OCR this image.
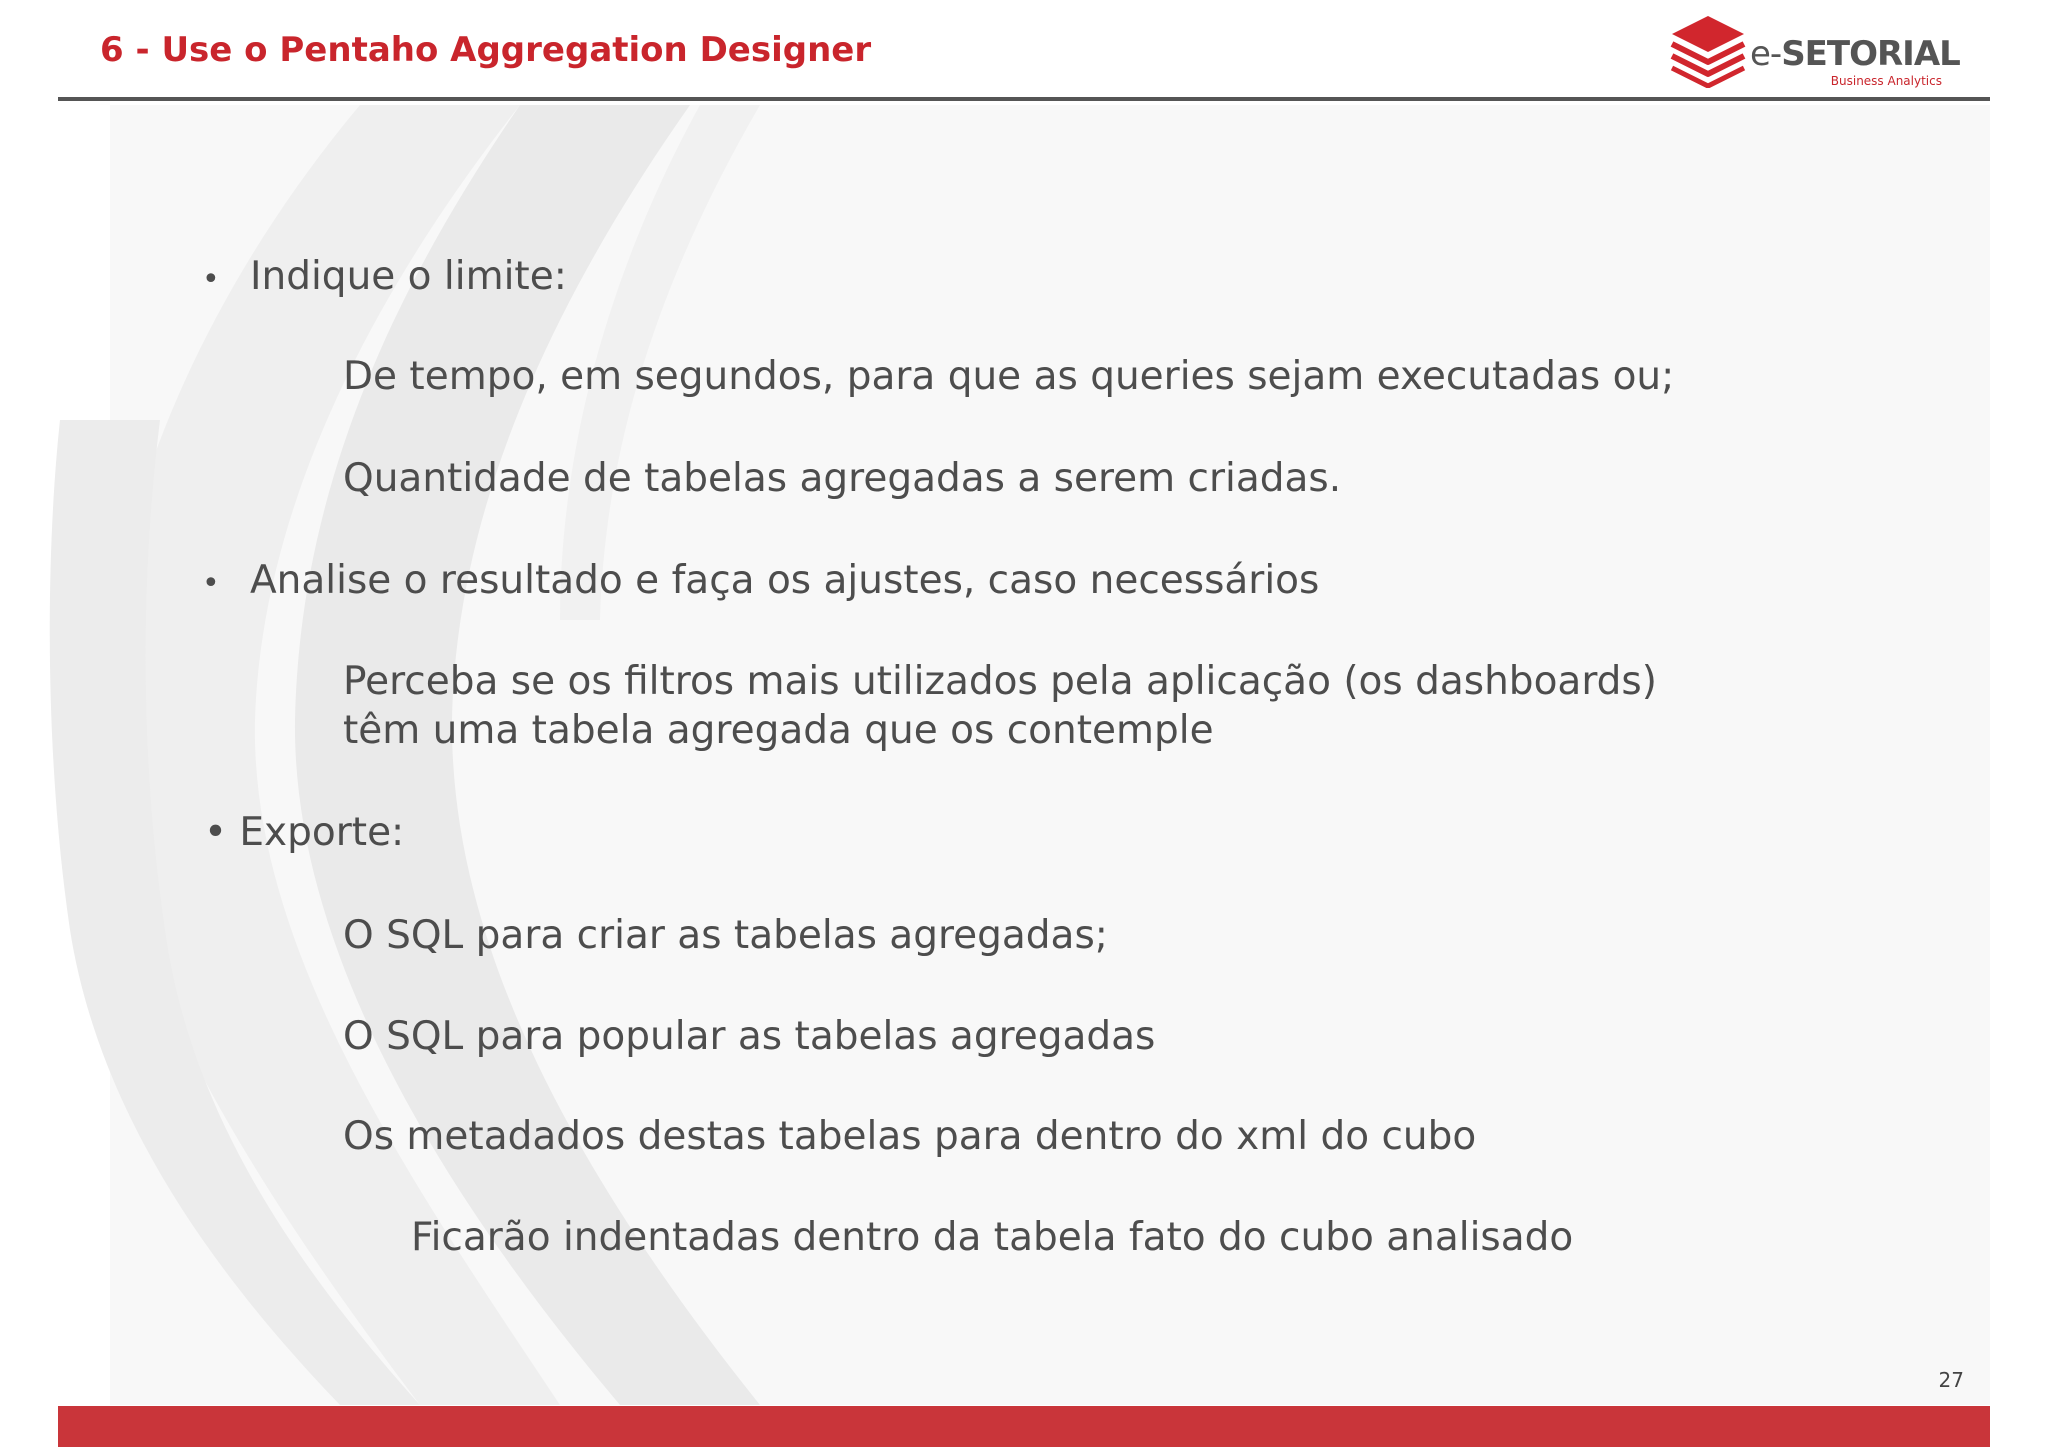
6 - Use o Pentaho Aggregation Designer	e-SETORIAL
Business Analytics
• Indique o limite:
De tempo, em segundos, para que as queries sejam executadas ou;
Quantidade de tabelas agregadas a serem criadas.
• Analise o resultado e faça os ajustes, caso necessários
Perceba se os filtros mais utilizados pela aplicação (os dashboards)
têm uma tabela agregada que os contemple
• Exporte:
O SQL para criar as tabelas agregadas;
O SQL para popular as tabelas agregadas
Os metadados destas tabelas para dentro do xml do cubo
Ficarão indentadas dentro da tabela fato do cubo analisado
27
